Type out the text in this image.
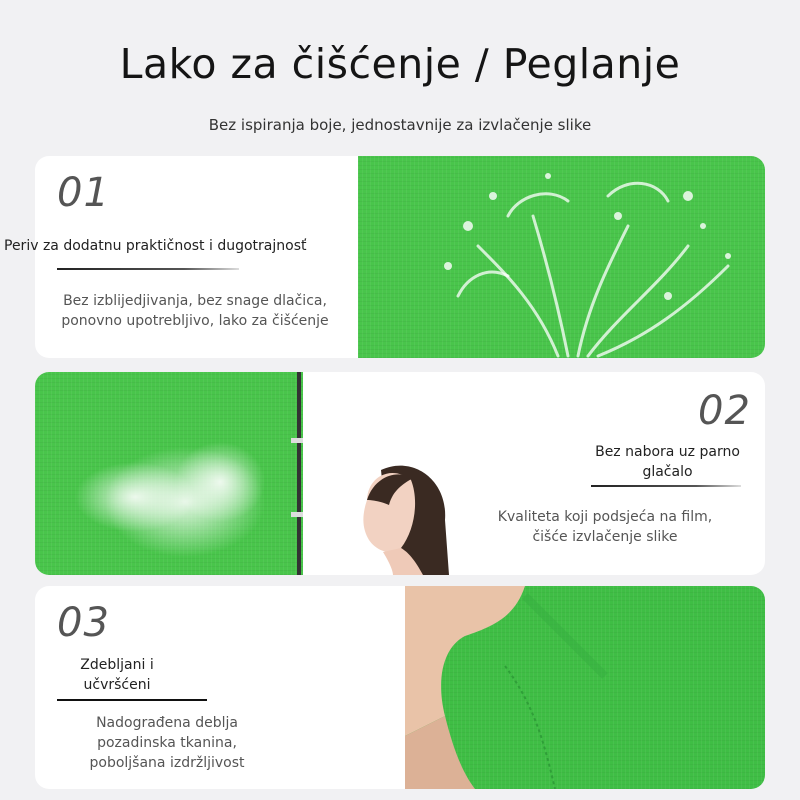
Lako za čišćenje / Peglanje
Bez ispiranja boje, jednostavnije za izvlačenje slike
01
Bez izblijedjivanja, bez snage dlačica,
ponovno upotrebljivo, lako za čišćenje
Periv za dodatnu praktičnost i dugotrajnosť
02
Bez nabora uz parno
glačalo
Kvaliteta koji podsjeća na film,
čišće izvlačenje slike
03
Zdebljani i
učvršćeni
Nadograđena deblja
pozadinska tkanina,
poboljšana izdržljivost
